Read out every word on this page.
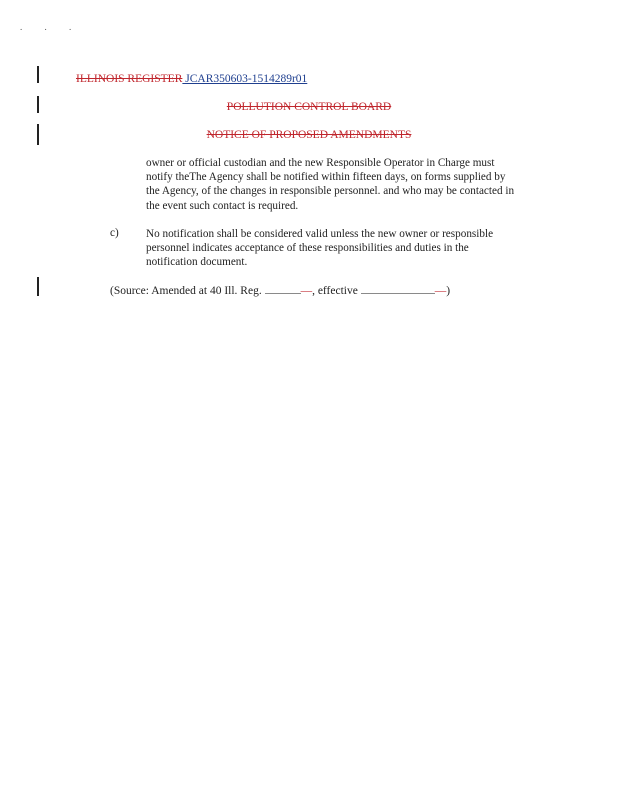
. . .
ILLINOIS REGISTER JCAR350603-1514289r01
POLLUTION CONTROL BOARD
NOTICE OF PROPOSED AMENDMENTS
owner or official custodian and the new Responsible Operator in Charge must
notify theThe Agency shall be notified within fifteen days, on forms supplied by
the Agency, of the changes in responsible personnel. and who may be contacted in
the event such contact is required.
c) No notification shall be considered valid unless the new owner or responsible
personnel indicates acceptance of these responsibilities and duties in the
notification document.
(Source: Amended at 40 Ill. Reg.	—, effective	—)
